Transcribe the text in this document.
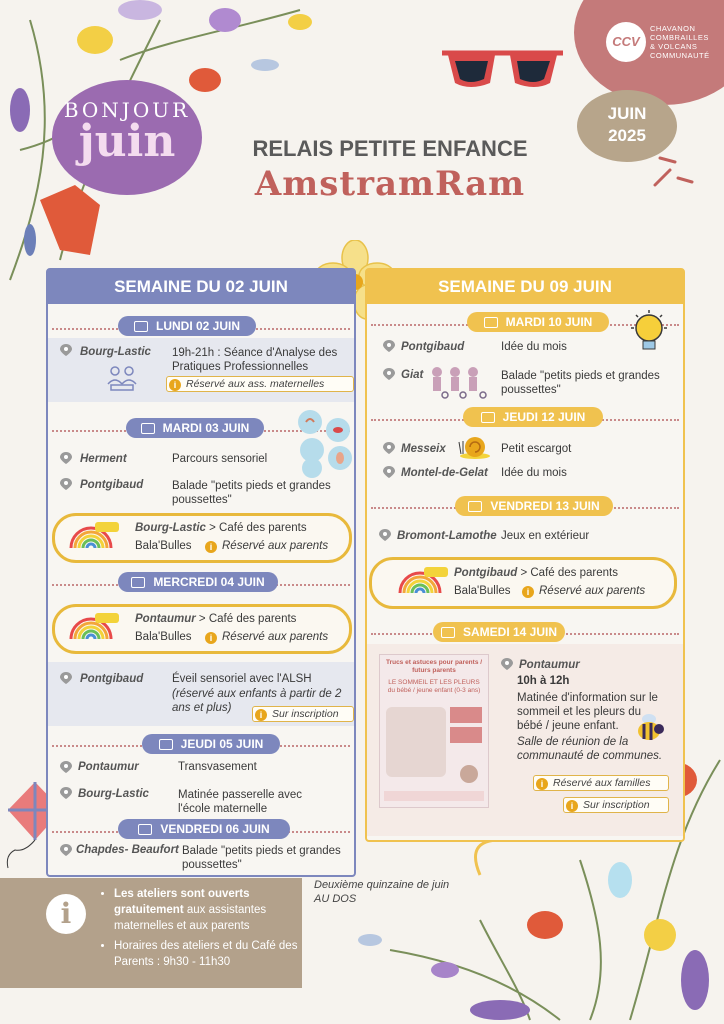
BONJOUR
juin
CCV
CHAVANON
COMBRAILLES
& VOLCANS
COMMUNAUTÉ
JUIN
2025
RELAIS PETITE ENFANCE
AmstramRam
SEMAINE DU 02 JUIN
LUNDI 02 JUIN
Bourg-Lastic 19h-21h : Séance d'Analyse des Pratiques Professionnelles
i Réservé aux ass. maternelles
MARDI 03 JUIN
Herment	Parcours sensoriel
Pontgibaud	Balade "petits pieds et grandes poussettes"
Bourg-Lastic > Café des parents
Bala'Bulles	i Réservé aux parents
MERCREDI 04 JUIN
Pontaumur > Café des parents
Bala'Bulles	i Réservé aux parents
Pontgibaud	Éveil sensoriel avec l'ALSH
(réservé aux enfants à partir de 2 ans et plus)
i Sur inscription
JEUDI 05 JUIN
Pontaumur	Transvasement
Bourg-Lastic	Matinée passerelle avec l'école maternelle
VENDREDI 06 JUIN
Chapdes- Beaufort Balade "petits pieds et grandes poussettes"
SEMAINE DU 09 JUIN
MARDI 10 JUIN
Pontgibaud	Idée du mois
Giat	Balade "petits pieds et grandes poussettes"
JEUDI 12 JUIN
Messeix	Petit escargot
Montel-de-Gelat Idée du mois
VENDREDI 13 JUIN
Bromont-Lamothe Jeux en extérieur
Pontgibaud > Café des parents
Bala'Bulles	i Réservé aux parents
SAMEDI 14 JUIN
Trucs et astuces pour parents / futurs parents
LE SOMMEIL ET LES PLEURS du bébé / jeune enfant (0-3 ans)
Pontaumur
10h à 12h
Matinée d'information sur le sommeil et les pleurs du bébé / jeune enfant.
Salle de réunion de la communauté de communes.
i Réservé aux familles
i Sur inscription
i
• Les ateliers sont ouverts gratuitement aux assistantes maternelles et aux parents
• Horaires des ateliers et du Café des Parents : 9h30 - 11h30
Deuxième quinzaine de juin
AU DOS
